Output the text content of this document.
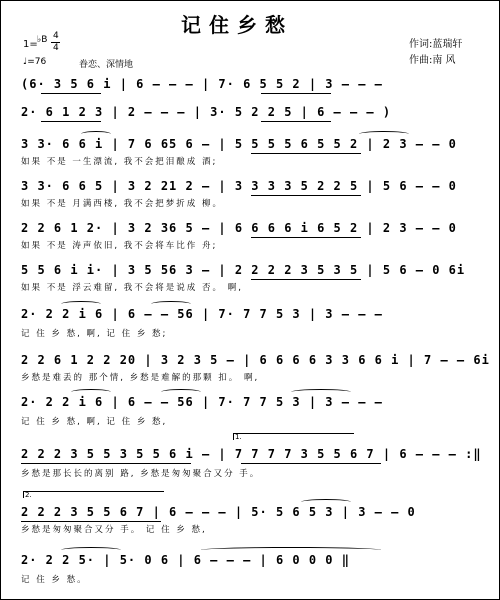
记住乡愁
作词:蓝瑞轩
作曲:南 风
1= ♭B 4
4
♩=76	眷恋、深情地
(6· 3 5 6 i | 6 – – – | 7· 6 5 5 2 | 3 – – –
2· 6 1 2 3 | 2 – – – | 3· 5 2 2 5 | 6 – – – )
3 3· 6 6 i | 7 6 65 6 – | 5 5 5 5 6 5 5 2 | 2 3 – – 0
如果 不是 一生漂流, 我不会把泪酿成 酒;
3 3· 6 6 5 | 3 2 21 2 – | 3 3 3 3 5 2 2 5 | 5 6 – – 0
如果 不是 月满西楼, 我不会把梦折成 柳。
2 2 6 1 2· | 3 2 36 5 – | 6 6 6 6 i 6 5 2 | 2 3 – – 0
如果 不是 涛声依旧, 我不会将车比作 舟;
5 5 6 i i· | 3 5 56 3 – | 2 2 2 2 3 5 3 5 | 5 6 – 0 6i
如果 不是 浮云难留, 我不会将是说成 否。 啊,
2· 2 2 i 6 | 6 – – 56 | 7· 7 7 5 3 | 3 – – –
记 住 乡 愁, 啊, 记 住 乡 愁;
2 2 6 1 2 2 20 | 3 2 3 5 – | 6 6 6 6 3 3 6 6 i | 7 – – 6i
乡愁是难丢的 那个情, 乡愁是难解的那颗 扣。 啊,
2· 2 2 i 6 | 6 – – 56 | 7· 7 7 5 3 | 3 – – –
记 住 乡 愁, 啊, 记 住 乡 愁,
1.
2 2 2 3 5 5 3 5 5 6 i – | 7 7 7 7 3 5 5 6 7 | 6 – – – :‖
乡愁是那长长的离别 路, 乡愁是匆匆聚合又分 手。
2.
2 2 2 3 5 5 6 7 | 6 – – – | 5· 5 6 5 3 | 3 – – 0
乡愁是匆匆聚合又分 手。 记 住 乡 愁,
2· 2 2 5· | 5· 0 6 | 6 – – – | 6 0 0 0 ‖
记 住 乡 愁。
